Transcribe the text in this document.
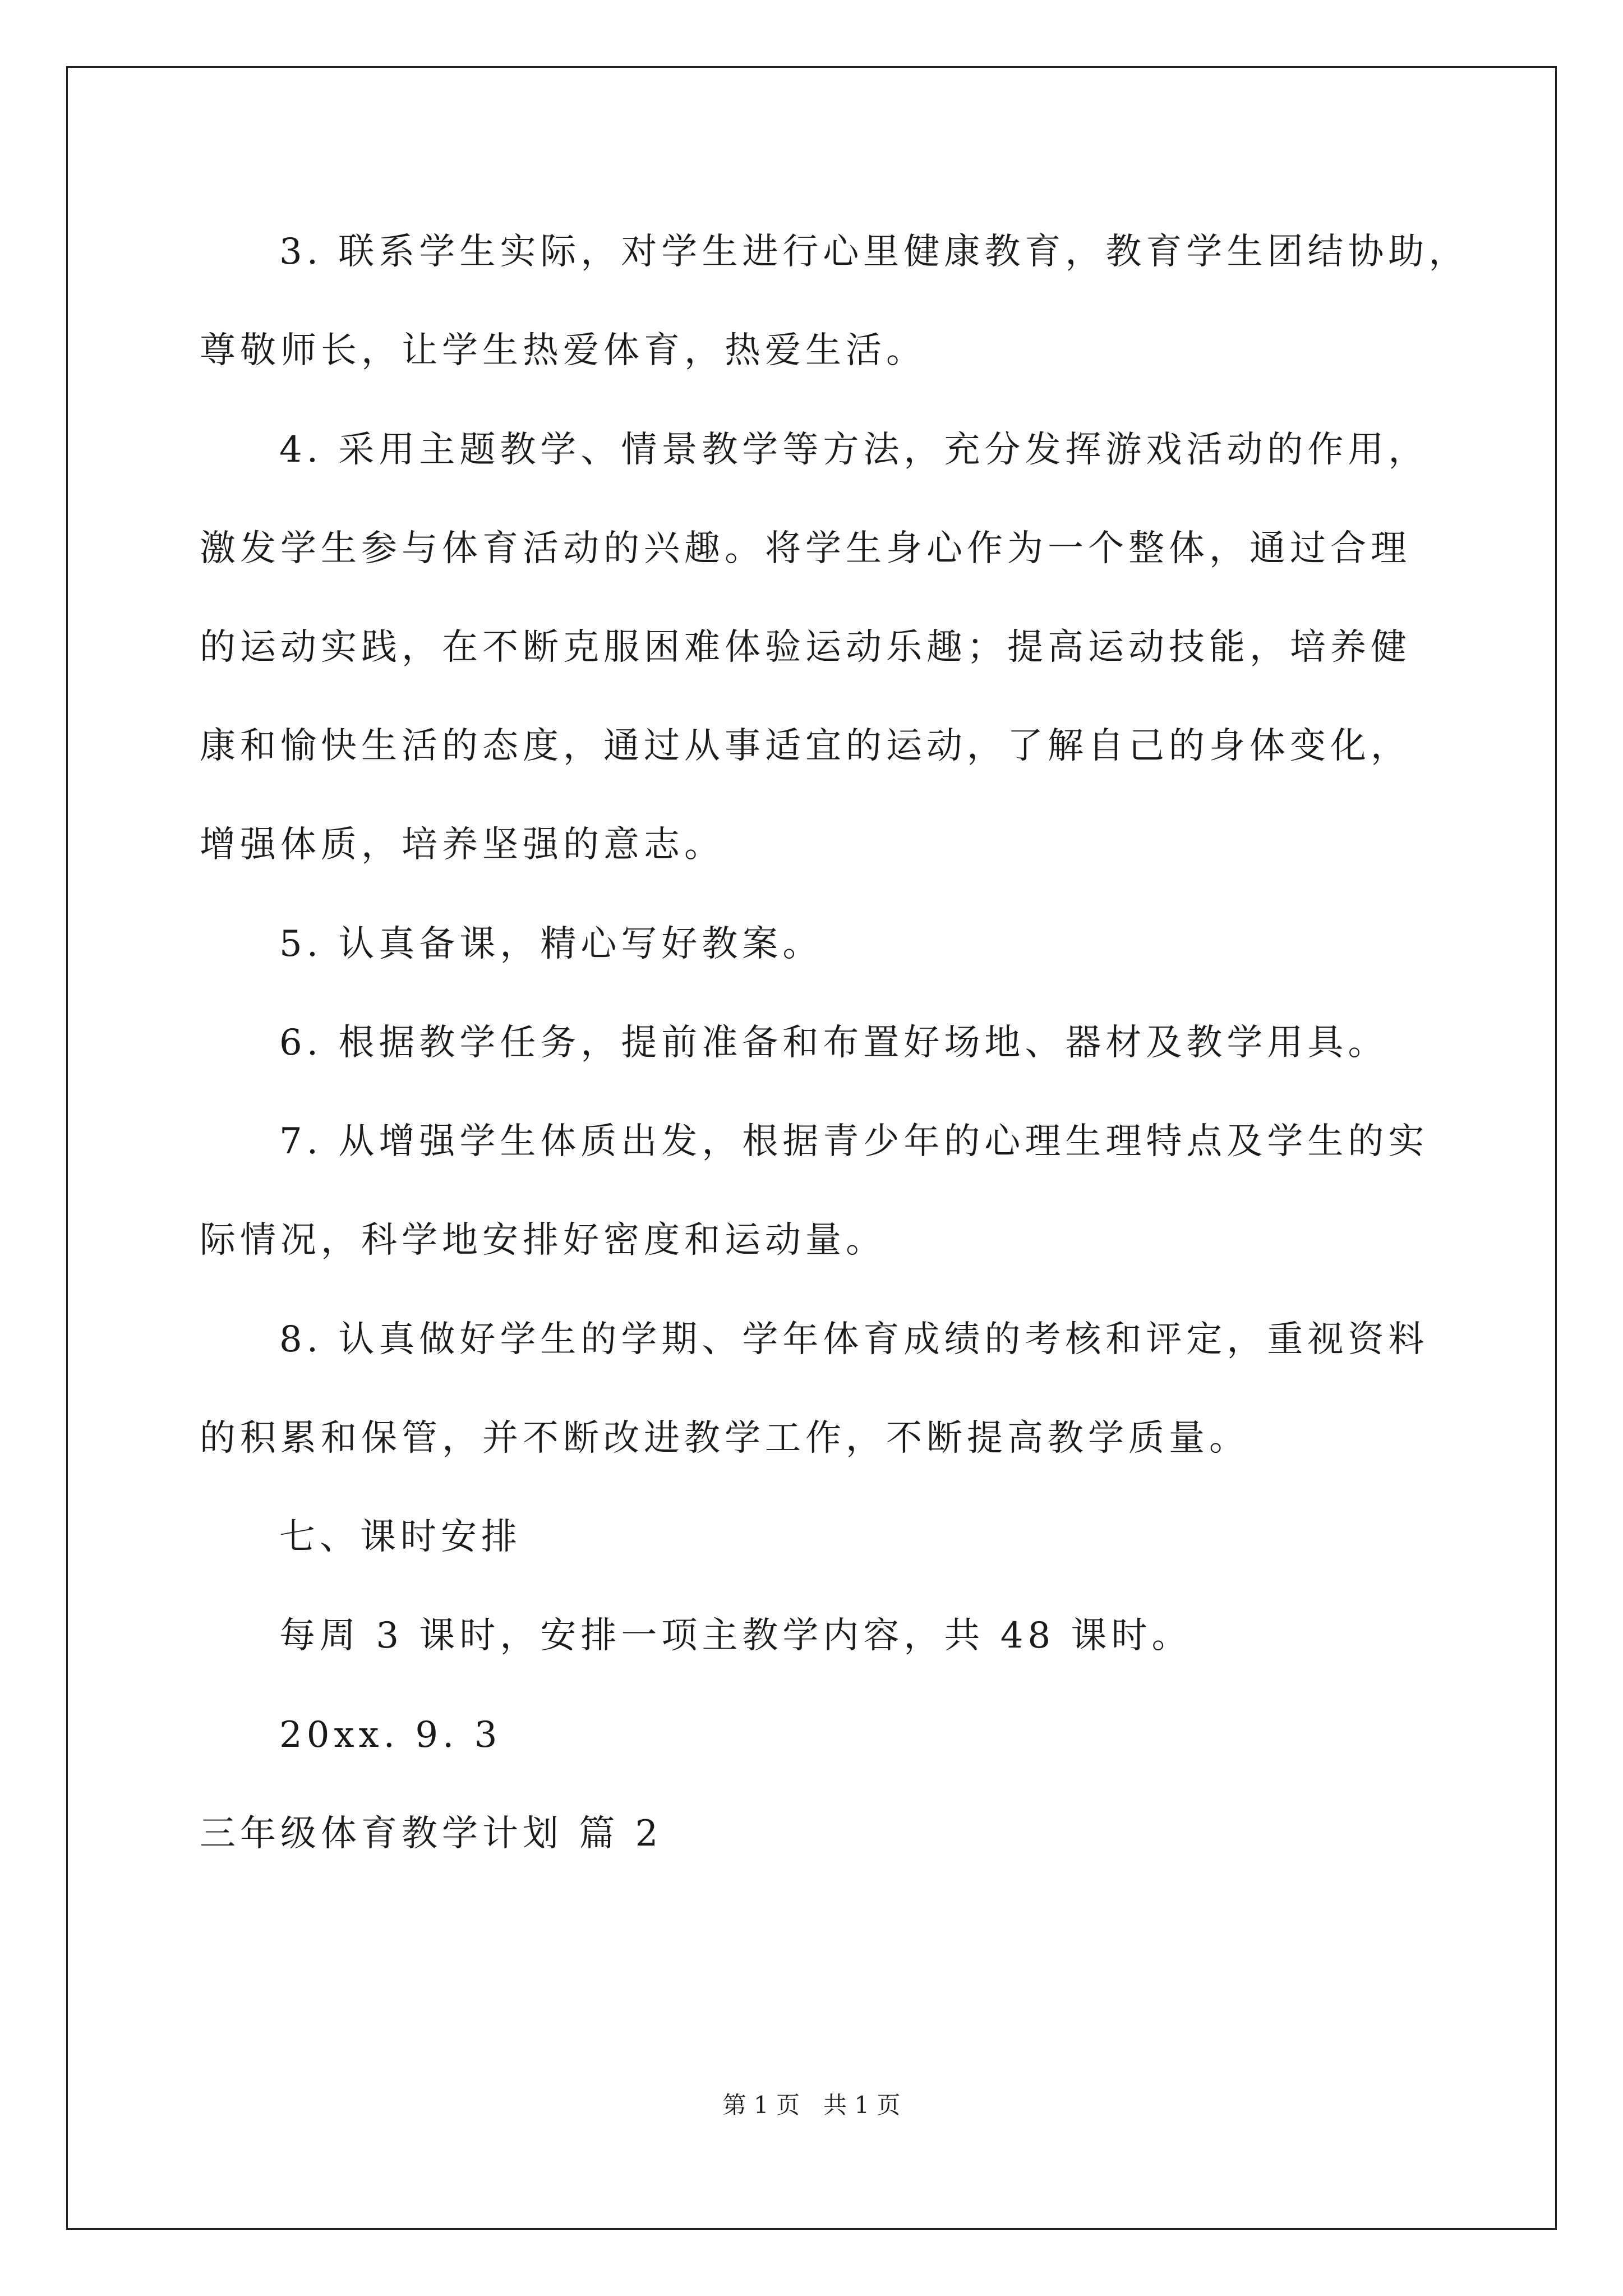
3. 联系学生实际，对学生进行心里健康教育，教育学生团结协助，
尊敬师长，让学生热爱体育，热爱生活。
4. 采用主题教学、情景教学等方法，充分发挥游戏活动的作用，
激发学生参与体育活动的兴趣。将学生身心作为一个整体，通过合理
的运动实践，在不断克服困难体验运动乐趣；提高运动技能，培养健
康和愉快生活的态度，通过从事适宜的运动，了解自己的身体变化，
增强体质，培养坚强的意志。
5. 认真备课，精心写好教案。
6. 根据教学任务，提前准备和布置好场地、器材及教学用具。
7. 从增强学生体质出发，根据青少年的心理生理特点及学生的实
际情况，科学地安排好密度和运动量。
8. 认真做好学生的学期、学年体育成绩的考核和评定，重视资料
的积累和保管，并不断改进教学工作，不断提高教学质量。
七、课时安排
每周 3 课时，安排一项主教学内容，共 48 课时。
20xx. 9. 3
三年级体育教学计划 篇 2
第 1 页　共 1 页
